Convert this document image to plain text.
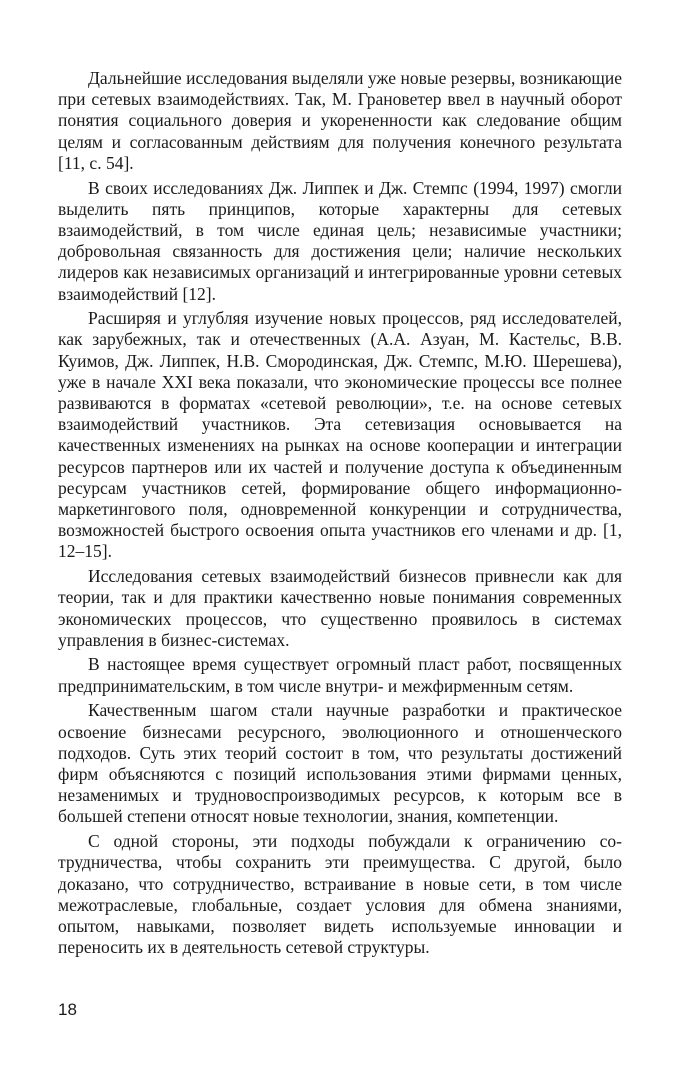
Дальнейшие исследования выделяли уже новые резервы, возникающие при сетевых взаимодействиях. Так, М. Грановетер ввел в научный оборот понятия социального доверия и укорененности как следование общим целям и согласованным действиям для получения конечного результата [11, с. 54].

В своих исследованиях Дж. Липпек и Дж. Стемпс (1994, 1997) смогли выделить пять принципов, которые характерны для сетевых взаимодействий, в том числе единая цель; независимые участники; добровольная связанность для достижения цели; наличие нескольких лидеров как независимых организаций и интегрированные уровни сетевых взаимодействий [12].

Расширяя и углубляя изучение новых процессов, ряд исследователей, как зарубежных, так и отечественных (А.А. Азуан, М. Кастельс, В.В. Куимов, Дж. Липпек, Н.В. Смородинская, Дж. Стемпс, М.Ю. Шерешева), уже в начале XXI века показали, что экономические процессы все полнее развиваются в форматах «сетевой революции», т.е. на основе сетевых взаимодействий участников. Эта сетевизация основывается на качественных изменениях на рынках на основе кооперации и интеграции ресурсов партнеров или их частей и получение доступа к объединенным ресурсам участников сетей, формирование общего информационно-маркетингового поля, одновременной конкуренции и сотрудничества, возможностей быстрого освоения опыта участников его членами и др. [1, 12–15].

Исследования сетевых взаимодействий бизнесов привнесли как для теории, так и для практики качественно новые понимания современных экономических процессов, что существенно проявилось в системах управления в бизнес-системах.

В настоящее время существует огромный пласт работ, посвященных предпринимательским, в том числе внутри- и межфирменным сетям.

Качественным шагом стали научные разработки и практическое освоение бизнесами ресурсного, эволюционного и отношенческого подходов. Суть этих теорий состоит в том, что результаты достижений фирм объясняются с позиций использования этими фирмами ценных, незаменимых и трудновоспроизводимых ресурсов, к которым все в большей степени относят новые технологии, знания, компетенции.

С одной стороны, эти подходы побуждали к ограничению сотрудничества, чтобы сохранить эти преимущества. С другой, было доказано, что сотрудничество, встраивание в новые сети, в том числе межотраслевые, глобальные, создает условия для обмена знаниями, опытом, навыками, позволяет видеть используемые инновации и переносить их в деятельность сетевой структуры.

18
